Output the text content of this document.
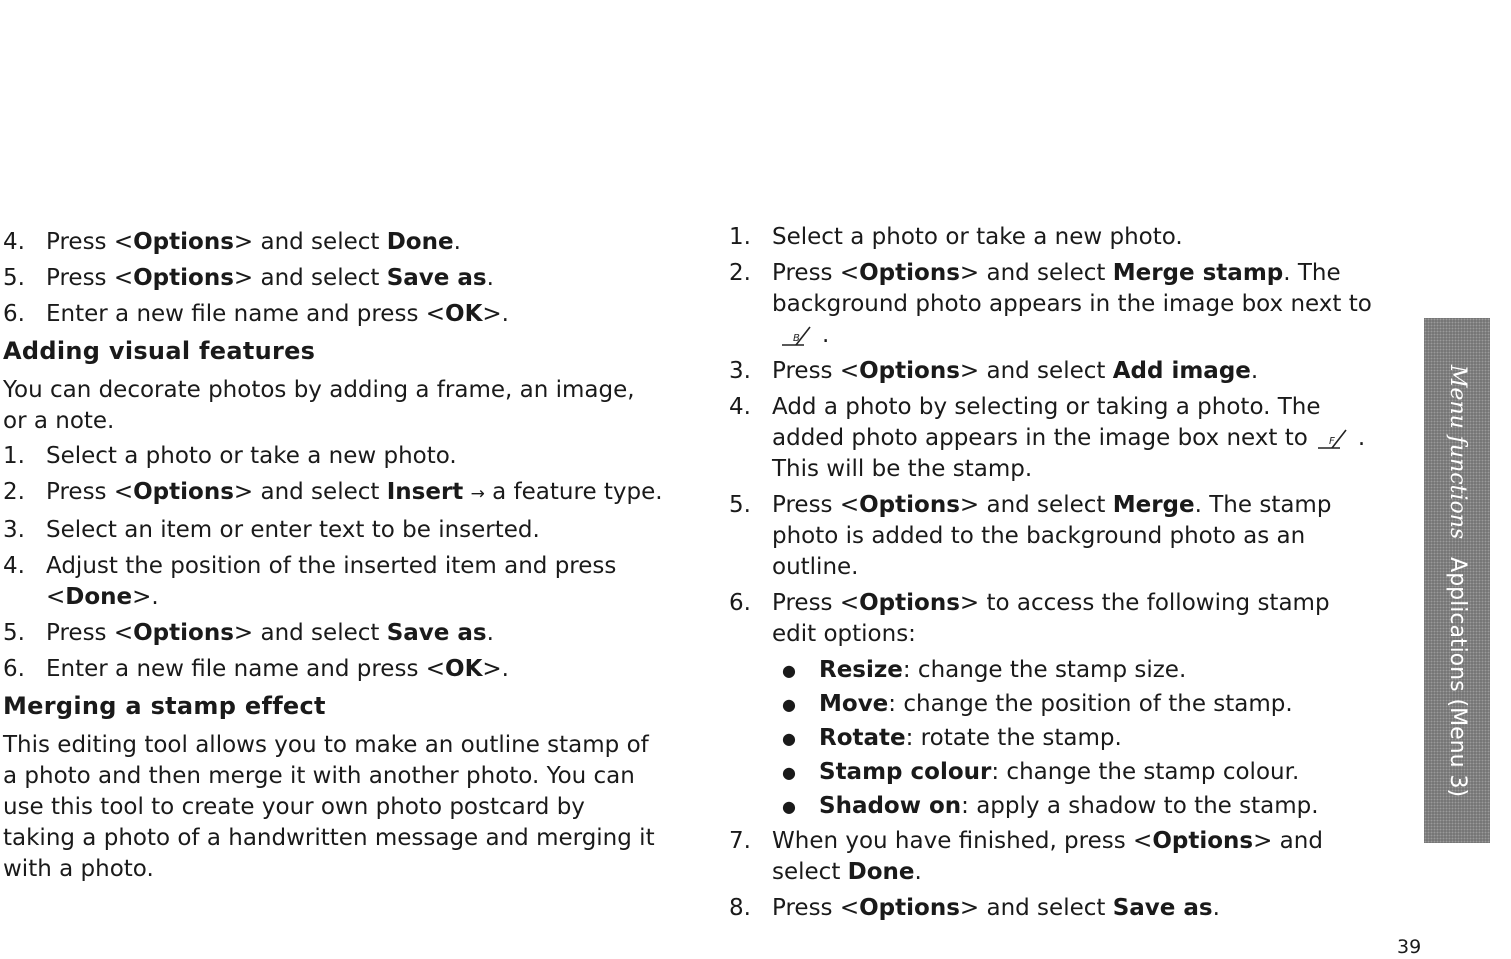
4. Press <Options> and select Done.
5. Press <Options> and select Save as.
6. Enter a new file name and press <OK>.
Adding visual features
You can decorate photos by adding a frame, an image, or a note.
1. Select a photo or take a new photo.
2. Press <Options> and select Insert → a feature type.
3. Select an item or enter text to be inserted.
4. Adjust the position of the inserted item and press <Done>.
5. Press <Options> and select Save as.
6. Enter a new file name and press <OK>.
Merging a stamp effect
This editing tool allows you to make an outline stamp of a photo and then merge it with another photo. You can use this tool to create your own photo postcard by taking a photo of a handwritten message and merging it with a photo.
1. Select a photo or take a new photo.
2. Press <Options> and select Merge stamp. The background photo appears in the image box next to
B .
3. Press <Options> and select Add image.
4. Add a photo by selecting or taking a photo. The added photo appears in the image box next to F . This will be the stamp.
5. Press <Options> and select Merge. The stamp photo is added to the background photo as an outline.
6. Press <Options> to access the following stamp edit options:
● Resize: change the stamp size.
● Move: change the position of the stamp.
● Rotate: rotate the stamp.
● Stamp colour: change the stamp colour.
● Shadow on: apply a shadow to the stamp.
7. When you have finished, press <Options> and select Done.
8. Press <Options> and select Save as.
Menu functionsApplications (Menu 3)
39
